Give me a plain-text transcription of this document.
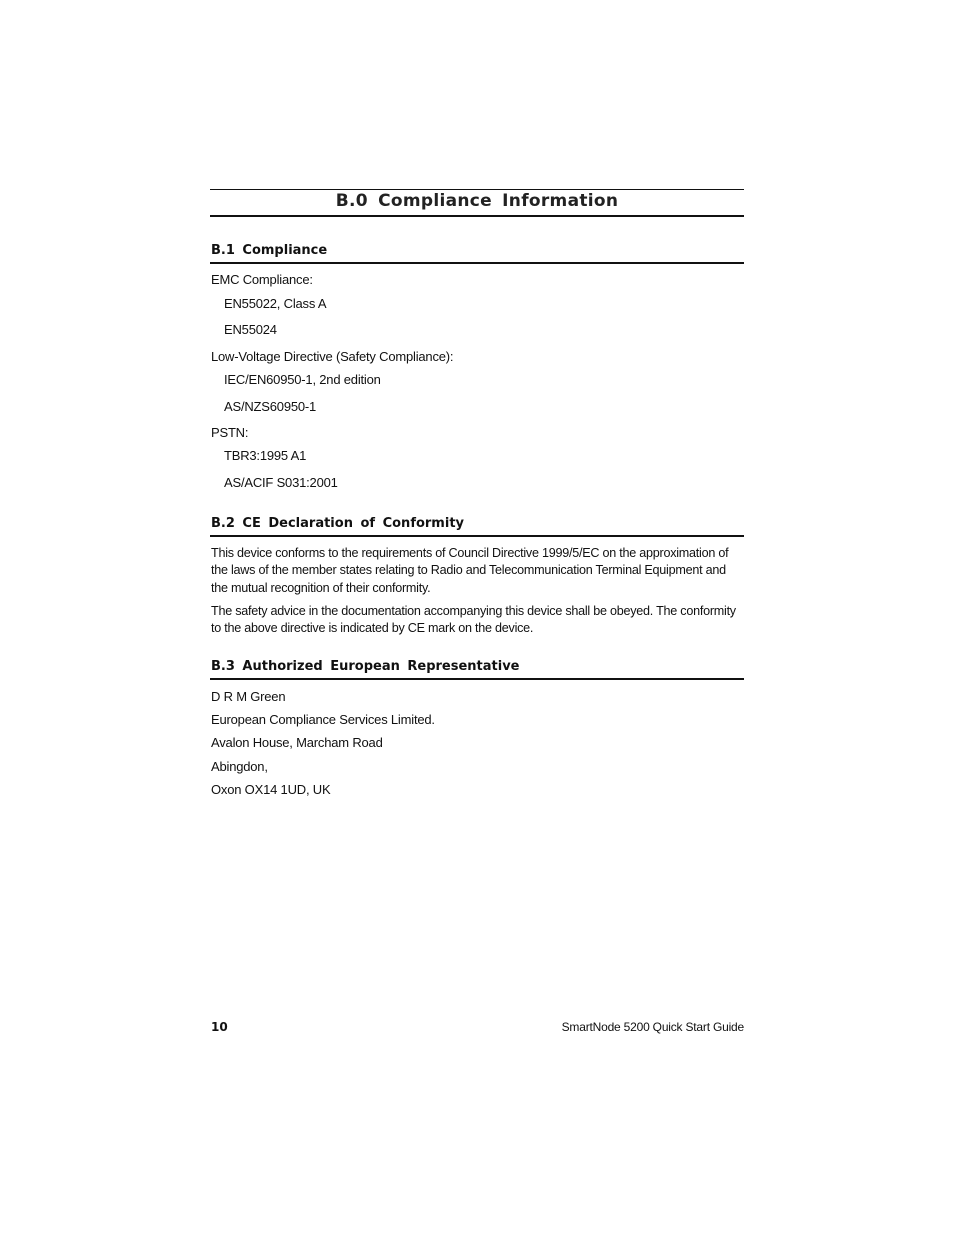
B.0 Compliance Information
B.1 Compliance
EMC Compliance:
EN55022, Class A
EN55024
Low-Voltage Directive (Safety Compliance):
IEC/EN60950-1, 2nd edition
AS/NZS60950-1
PSTN:
TBR3:1995 A1
AS/ACIF S031:2001
B.2 CE Declaration of Conformity
This device conforms to the requirements of Council Directive 1999/5/EC on the approximation of the laws of the member states relating to Radio and Telecommunication Terminal Equipment and the mutual recognition of their conformity.
The safety advice in the documentation accompanying this device shall be obeyed. The conformity to the above directive is indicated by CE mark on the device.
B.3 Authorized European Representative
D R M Green
European Compliance Services Limited.
Avalon House, Marcham Road
Abingdon,
Oxon OX14 1UD, UK
10	SmartNode 5200 Quick Start Guide
